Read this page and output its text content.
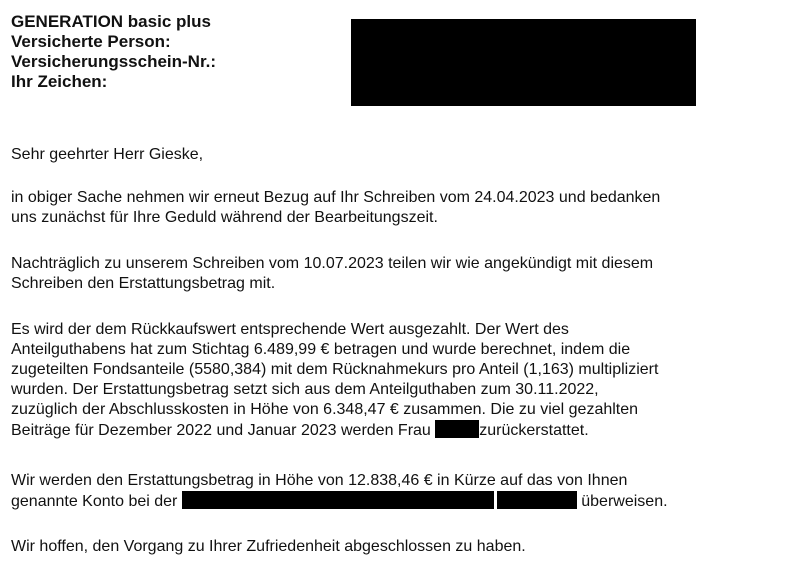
GENERATION basic plus
Versicherte Person:
Versicherungsschein-Nr.:
Ihr Zeichen:
Sehr geehrter Herr Gieske,
in obiger Sache nehmen wir erneut Bezug auf Ihr Schreiben vom 24.04.2023 und bedanken
uns zunächst für Ihre Geduld während der Bearbeitungszeit.
Nachträglich zu unserem Schreiben vom 10.07.2023 teilen wir wie angekündigt mit diesem
Schreiben den Erstattungsbetrag mit.
Es wird der dem Rückkaufswert entsprechende Wert ausgezahlt. Der Wert des
Anteilguthabens hat zum Stichtag 6.489,99 € betragen und wurde berechnet, indem die
zugeteilten Fondsanteile (5580,384) mit dem Rücknahmekurs pro Anteil (1,163) multipliziert
wurden. Der Erstattungsbetrag setzt sich aus dem Anteilguthaben zum 30.11.2022,
zuzüglich der Abschlusskosten in Höhe von 6.348,47 € zusammen. Die zu viel gezahlten
Beiträge für Dezember 2022 und Januar 2023 werden Frau	zurückerstattet.
Wir werden den Erstattungsbetrag in Höhe von 12.838,46 € in Kürze auf das von Ihnen
genannte Konto bei der	überweisen.
Wir hoffen, den Vorgang zu Ihrer Zufriedenheit abgeschlossen zu haben.
